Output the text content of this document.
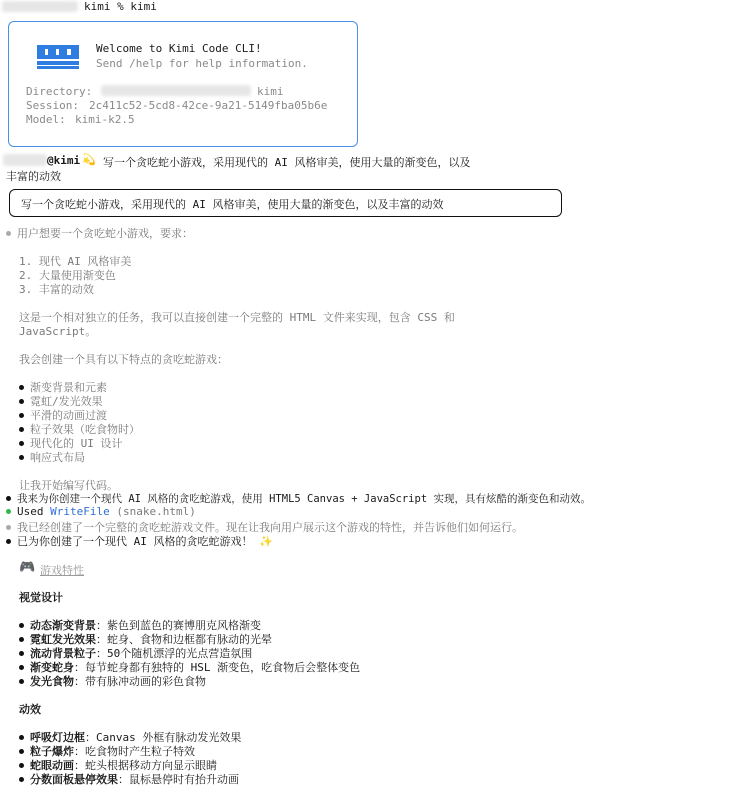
kimi % kimi
Welcome to Kimi Code CLI!
Send /help for help information.
Directory:	kimi
Session: 2c411c52-5cd8-42ce-9a21-5149fba05b6e
Model: kimi-k2.5
@kimi 💫 写一个贪吃蛇小游戏，采用现代的 AI 风格审美，使用大量的渐变色，以及
丰富的动效
写一个贪吃蛇小游戏，采用现代的 AI 风格审美，使用大量的渐变色，以及丰富的动效
用户想要一个贪吃蛇小游戏，要求：
1. 现代 AI 风格审美
2. 大量使用渐变色
3. 丰富的动效
这是一个相对独立的任务，我可以直接创建一个完整的 HTML 文件来实现，包含 CSS 和
JavaScript。
我会创建一个具有以下特点的贪吃蛇游戏：
渐变背景和元素
霓虹/发光效果
平滑的动画过渡
粒子效果（吃食物时）
现代化的 UI 设计
响应式布局
让我开始编写代码。
我来为你创建一个现代 AI 风格的贪吃蛇游戏，使用 HTML5 Canvas + JavaScript 实现，具有炫酷的渐变色和动效。
Used WriteFile (snake.html)
我已经创建了一个完整的贪吃蛇游戏文件。现在让我向用户展示这个游戏的特性，并告诉他们如何运行。
已为你创建了一个现代 AI 风格的贪吃蛇游戏！ ✨
🎮 游戏特性
视觉设计
动态渐变背景：紫色到蓝色的赛博朋克风格渐变
霓虹发光效果：蛇身、食物和边框都有脉动的光晕
流动背景粒子：50个随机漂浮的光点营造氛围
渐变蛇身：每节蛇身都有独特的 HSL 渐变色，吃食物后会整体变色
发光食物：带有脉冲动画的彩色食物
动效
呼吸灯边框：Canvas 外框有脉动发光效果
粒子爆炸：吃食物时产生粒子特效
蛇眼动画：蛇头根据移动方向显示眼睛
分数面板悬停效果：鼠标悬停时有抬升动画
